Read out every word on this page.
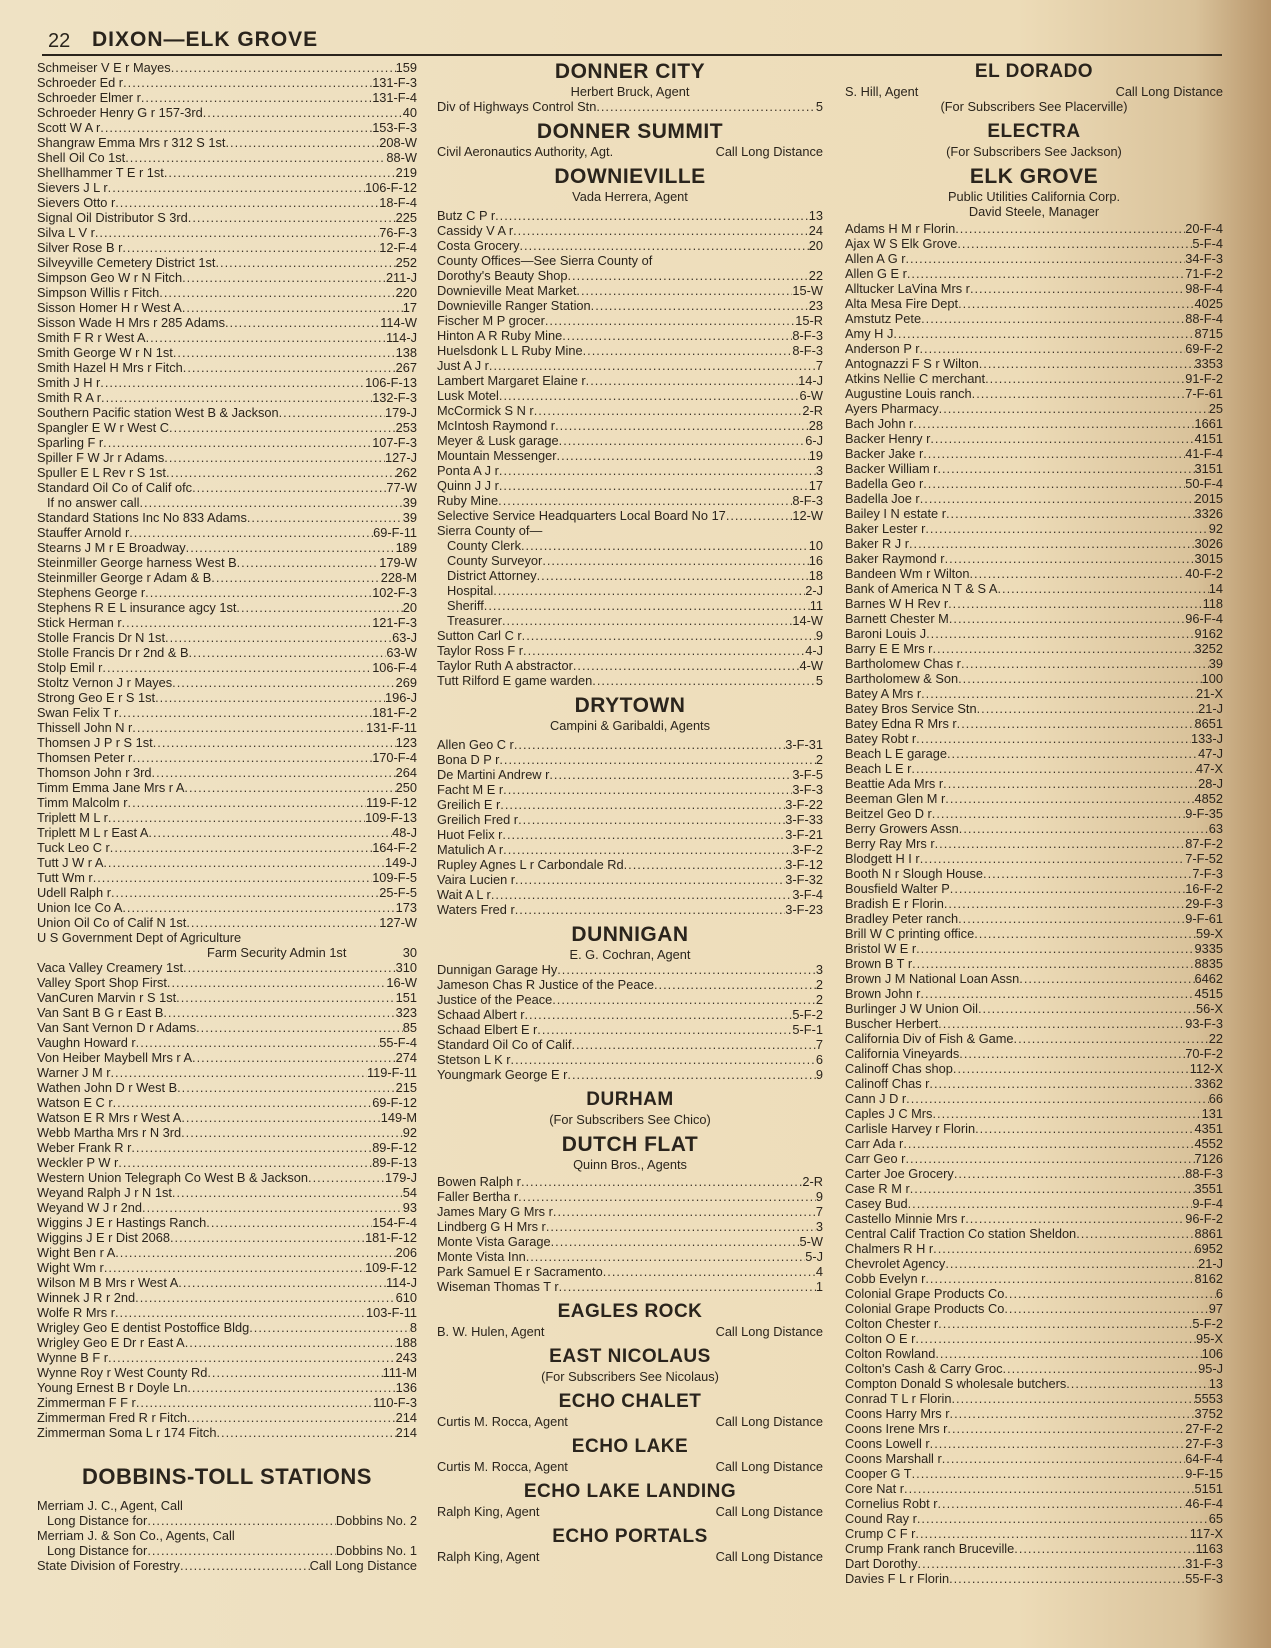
22 DIXON—ELK GROVE
Schmeiser V E r Mayes .....	159
Schroeder Ed r .....	131-F-3
Schroeder Elmer r .....	131-F-4
Schroeder Henry G r 157-3rd .....	40
Scott W A r .....	153-F-3
Shangraw Emma Mrs r 312 S 1st .....	208-W
Shell Oil Co 1st .....	88-W
Shellhammer T E r 1st .....	219
Sievers J L r .....	106-F-12
Sievers Otto r .....	18-F-4
Signal Oil Distributor S 3rd .....	225
Silva L V r .....	76-F-3
Silver Rose B r .....	12-F-4
Silveyville Cemetery District 1st .....	252
Simpson Geo W r N Fitch .....	211-J
Simpson Willis r Fitch .....	220
Sisson Homer H r West A .....	17
Sisson Wade H Mrs r 285 Adams .....	114-W
Smith F R r West A .....	114-J
Smith George W r N 1st .....	138
Smith Hazel H Mrs r Fitch .....	267
Smith J H r .....	106-F-13
Smith R A r .....	132-F-3
Southern Pacific station West B & Jackson .....	179-J
Spangler E W r West C .....	253
Sparling F r .....	107-F-3
Spiller F W Jr r Adams .....	127-J
Spuller E L Rev r S 1st .....	262
Standard Oil Co of Calif ofc .....	77-W
If no answer call .....	39
Standard Stations Inc No 833 Adams .....	39
Stauffer Arnold r .....	69-F-11
Stearns J M r E Broadway .....	189
Steinmiller George harness West B .....	179-W
Steinmiller George r Adam & B .....	228-M
Stephens George r .....	102-F-3
Stephens R E L insurance agcy 1st .....	20
Stick Herman r .....	121-F-3
Stolle Francis Dr N 1st .....	63-J
Stolle Francis Dr r 2nd & B .....	63-W
Stolp Emil r .....	106-F-4
Stoltz Vernon J r Mayes .....	269
Strong Geo E r S 1st .....	196-J
Swan Felix T r .....	181-F-2
Thissell John N r .....	131-F-11
Thomsen J P r S 1st .....	123
Thomsen Peter r .....	170-F-4
Thomson John r 3rd .....	264
Timm Emma Jane Mrs r A .....	250
Timm Malcolm r .....	119-F-12
Triplett M L r .....	109-F-13
Triplett M L r East A .....	48-J
Tuck Leo C r .....	164-F-2
Tutt J W r A .....	149-J
Tutt Wm r .....	109-F-5
Udell Ralph r .....	25-F-5
Union Ice Co A .....	173
Union Oil Co of Calif N 1st .....	127-W
U S Government Dept of Agriculture
Farm Security Admin 1st	30
Vaca Valley Creamery 1st .....	310
Valley Sport Shop First .....	16-W
VanCuren Marvin r S 1st .....	151
Van Sant B G r East B .....	323
Van Sant Vernon D r Adams .....	85
Vaughn Howard r .....	55-F-4
Von Heiber Maybell Mrs r A .....	274
Warner J M r .....	119-F-11
Wathen John D r West B .....	215
Watson E C r .....	69-F-12
Watson E R Mrs r West A .....	149-M
Webb Martha Mrs r N 3rd .....	92
Weber Frank R r .....	89-F-12
Weckler P W r .....	89-F-13
Western Union Telegraph Co West B & Jackson .....	179-J
Weyand Ralph J r N 1st .....	54
Weyand W J r 2nd .....	93
Wiggins J E r Hastings Ranch .....	154-F-4
Wiggins J E r Dist 2068 .....	181-F-12
Wight Ben r A .....	206
Wight Wm r .....	109-F-12
Wilson M B Mrs r West A .....	114-J
Winnek J R r 2nd .....	610
Wolfe R Mrs r .....	103-F-11
Wrigley Geo E dentist Postoffice Bldg .....	8
Wrigley Geo E Dr r East A .....	188
Wynne B F r .....	243
Wynne Roy r West County Rd .....	111-M
Young Ernest B r Doyle Ln .....	136
Zimmerman F F r .....	110-F-3
Zimmerman Fred R r Fitch .....	214
Zimmerman Soma L r 174 Fitch .....	214
DOBBINS-TOLL STATIONS
Merriam J. C., Agent, Call
Long Distance for .....	Dobbins No. 2
Merriam J. & Son Co., Agents, Call
Long Distance for .....	Dobbins No. 1
State Division of Forestry .....	Call Long Distance
DONNER CITY
Herbert Bruck, Agent
Div of Highways Control Stn .....	5
DONNER SUMMIT
Civil Aeronautics Authority, Agt.	Call Long Distance
DOWNIEVILLE
Vada Herrera, Agent
Butz C P r .....	13
Cassidy V A r .....	24
Costa Grocery .....	20
County Offices—See Sierra County of
Dorothy's Beauty Shop .....	22
Downieville Meat Market .....	15-W
Downieville Ranger Station .....	23
Fischer M P grocer .....	15-R
Hinton A R Ruby Mine .....	8-F-3
Huelsdonk L L Ruby Mine .....	8-F-3
Just A J r .....	7
Lambert Margaret Elaine r .....	14-J
Lusk Motel .....	6-W
McCormick S N r .....	2-R
McIntosh Raymond r .....	28
Meyer & Lusk garage .....	6-J
Mountain Messenger .....	19
Ponta A J r .....	3
Quinn J J r .....	17
Ruby Mine .....	8-F-3
Selective Service Headquarters Local Board No 17 .....	12-W
Sierra County of—
County Clerk .....	10
County Surveyor .....	16
District Attorney .....	18
Hospital .....	2-J
Sheriff .....	11
Treasurer .....	14-W
Sutton Carl C r .....	9
Taylor Ross F r .....	4-J
Taylor Ruth A abstractor .....	4-W
Tutt Rilford E game warden .....	5
DRYTOWN
Campini & Garibaldi, Agents
Allen Geo C r .....	3-F-31
Bona D P r .....	2
De Martini Andrew r .....	3-F-5
Facht M E r .....	3-F-3
Greilich E r .....	3-F-22
Greilich Fred r .....	3-F-33
Huot Felix r .....	3-F-21
Matulich A r .....	3-F-2
Rupley Agnes L r Carbondale Rd .....	3-F-12
Vaira Lucien r .....	3-F-32
Wait A L r .....	3-F-4
Waters Fred r .....	3-F-23
DUNNIGAN
E. G. Cochran, Agent
Dunnigan Garage Hy .....	3
Jameson Chas R Justice of the Peace .....	2
Justice of the Peace .....	2
Schaad Albert r .....	5-F-2
Schaad Elbert E r .....	5-F-1
Standard Oil Co of Calif .....	7
Stetson L K r .....	6
Youngmark George E r .....	9
DURHAM
(For Subscribers See Chico)
DUTCH FLAT
Quinn Bros., Agents
Bowen Ralph r .....	2-R
Faller Bertha r .....	9
James Mary G Mrs r .....	7
Lindberg G H Mrs r .....	3
Monte Vista Garage .....	5-W
Monte Vista Inn .....	5-J
Park Samuel E r Sacramento .....	4
Wiseman Thomas T r .....	1
EAGLES ROCK
B. W. Hulen, Agent	Call Long Distance
EAST NICOLAUS
(For Subscribers See Nicolaus)
ECHO CHALET
Curtis M. Rocca, Agent	Call Long Distance
ECHO LAKE
Curtis M. Rocca, Agent	Call Long Distance
ECHO LAKE LANDING
Ralph King, Agent	Call Long Distance
ECHO PORTALS
Ralph King, Agent	Call Long Distance
EL DORADO
S. Hill, Agent	Call Long Distance
(For Subscribers See Placerville)
ELECTRA
(For Subscribers See Jackson)
ELK GROVE
Public Utilities California Corp.
David Steele, Manager
Adams H M r Florin .....	20-F-4
Ajax W S Elk Grove .....	5-F-4
Allen A G r .....	34-F-3
Allen G E r .....	71-F-2
Alltucker LaVina Mrs r .....	98-F-4
Alta Mesa Fire Dept .....	4025
Amstutz Pete .....	88-F-4
Amy H J .....	8715
Anderson P r .....	69-F-2
Antognazzi F S r Wilton .....	3353
Atkins Nellie C merchant .....	91-F-2
Augustine Louis ranch .....	7-F-61
Ayers Pharmacy .....	25
Bach John r .....	1661
Backer Henry r .....	4151
Backer Jake r .....	41-F-4
Backer William r .....	3151
Badella Geo r .....	50-F-4
Badella Joe r .....	2015
Bailey I N estate r .....	3326
Baker Lester r .....	92
Baker R J r .....	3026
Baker Raymond r .....	3015
Bandeen Wm r Wilton .....	40-F-2
Bank of America N T & S A .....	14
Barnes W H Rev r .....	118
Barnett Chester M .....	96-F-4
Baroni Louis J .....	9162
Barry E E Mrs r .....	3252
Bartholomew Chas r .....	39
Bartholomew & Son .....	100
Batey A Mrs r .....	21-X
Batey Bros Service Stn .....	21-J
Batey Edna R Mrs r .....	8651
Batey Robt r .....	133-J
Beach L E garage .....	47-J
Beach L E r .....	47-X
Beattie Ada Mrs r .....	28-J
Beeman Glen M r .....	4852
Beitzel Geo D r .....	9-F-35
Berry Growers Assn .....	63
Berry Ray Mrs r .....	87-F-2
Blodgett H I r .....	7-F-52
Booth N r Slough House .....	7-F-3
Bousfield Walter P .....	16-F-2
Bradish E r Florin .....	29-F-3
Bradley Peter ranch .....	9-F-61
Brill W C printing office .....	59-X
Bristol W E r .....	9335
Brown B T r .....	8835
Brown J M National Loan Assn .....	6462
Brown John r .....	4515
Burlinger J W Union Oil .....	56-X
Buscher Herbert .....	93-F-3
California Div of Fish & Game .....	22
California Vineyards .....	70-F-2
Calinoff Chas shop .....	112-X
Calinoff Chas r .....	3362
Cann J D r .....	66
Caples J C Mrs .....	131
Carlisle Harvey r Florin .....	4351
Carr Ada r .....	4552
Carr Geo r .....	7126
Carter Joe Grocery .....	88-F-3
Case R M r .....	3551
Casey Bud .....	9-F-4
Castello Minnie Mrs r .....	96-F-2
Central Calif Traction Co station Sheldon .....	8861
Chalmers R H r .....	6952
Chevrolet Agency .....	21-J
Cobb Evelyn r .....	8162
Colonial Grape Products Co .....	6
Colonial Grape Products Co .....	97
Colton Chester r .....	5-F-2
Colton O E r .....	95-X
Colton Rowland .....	106
Colton's Cash & Carry Groc .....	95-J
Compton Donald S wholesale butchers .....	13
Conrad T L r Florin .....	5553
Coons Harry Mrs r .....	3752
Coons Irene Mrs r .....	27-F-2
Coons Lowell r .....	27-F-3
Coons Marshall r .....	64-F-4
Cooper G T .....	9-F-15
Core Nat r .....	5151
Cornelius Robt r .....	46-F-4
Cound Ray r .....	65
Crump C F r .....	117-X
Crump Frank ranch Bruceville .....	1163
Dart Dorothy .....	31-F-3
Davies F L r Florin .....	55-F-3
